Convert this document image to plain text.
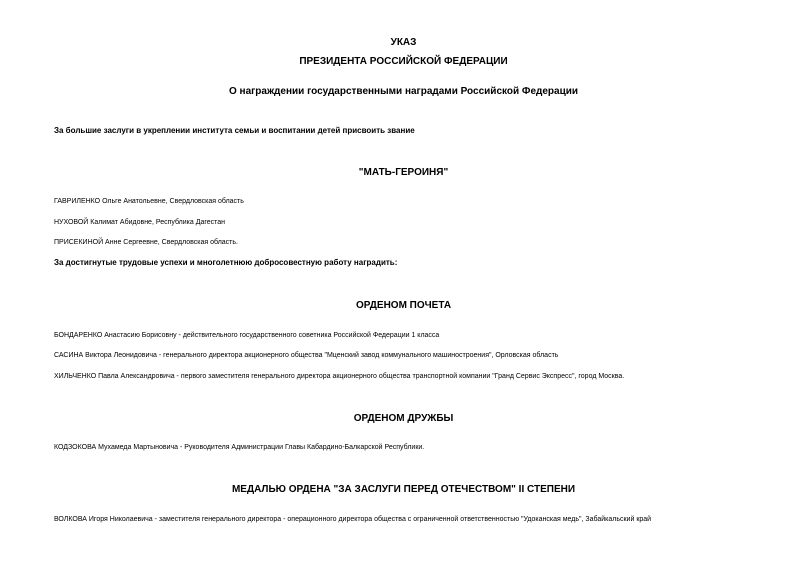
УКАЗ
ПРЕЗИДЕНТА РОССИЙСКОЙ ФЕДЕРАЦИИ
О награждении государственными наградами Российской Федерации
За большие заслуги в укреплении института семьи и воспитании детей присвоить звание
"МАТЬ-ГЕРОИНЯ"
ГАВРИЛЕНКО Ольге Анатольевне, Свердловская область
НУХОВОЙ Калимат Абидовне, Республика Дагестан
ПРИСЕКИНОЙ Анне Сергеевне, Свердловская область.
За достигнутые трудовые успехи и многолетнюю добросовестную работу наградить:
ОРДЕНОМ ПОЧЕТА
БОНДАРЕНКО Анастасию Борисовну - действительного государственного советника Российской Федерации 1 класса
САСИНА Виктора Леонидовича - генерального директора акционерного общества "Мценский завод коммунального машиностроения", Орловская область
ХИЛЬЧЕНКО Павла Александровича - первого заместителя генерального директора акционерного общества транспортной компании "Гранд Сервис Экспресс", город Москва.
ОРДЕНОМ ДРУЖБЫ
КОДЗОКОВА Мухамеда Мартыновича - Руководителя Администрации Главы Кабардино-Балкарской Республики.
МЕДАЛЬЮ ОРДЕНА "ЗА ЗАСЛУГИ ПЕРЕД ОТЕЧЕСТВОМ" II СТЕПЕНИ
ВОЛКОВА Игоря Николаевича - заместителя генерального директора - операционного директора общества с ограниченной ответственностью "Удоканская медь", Забайкальский край
